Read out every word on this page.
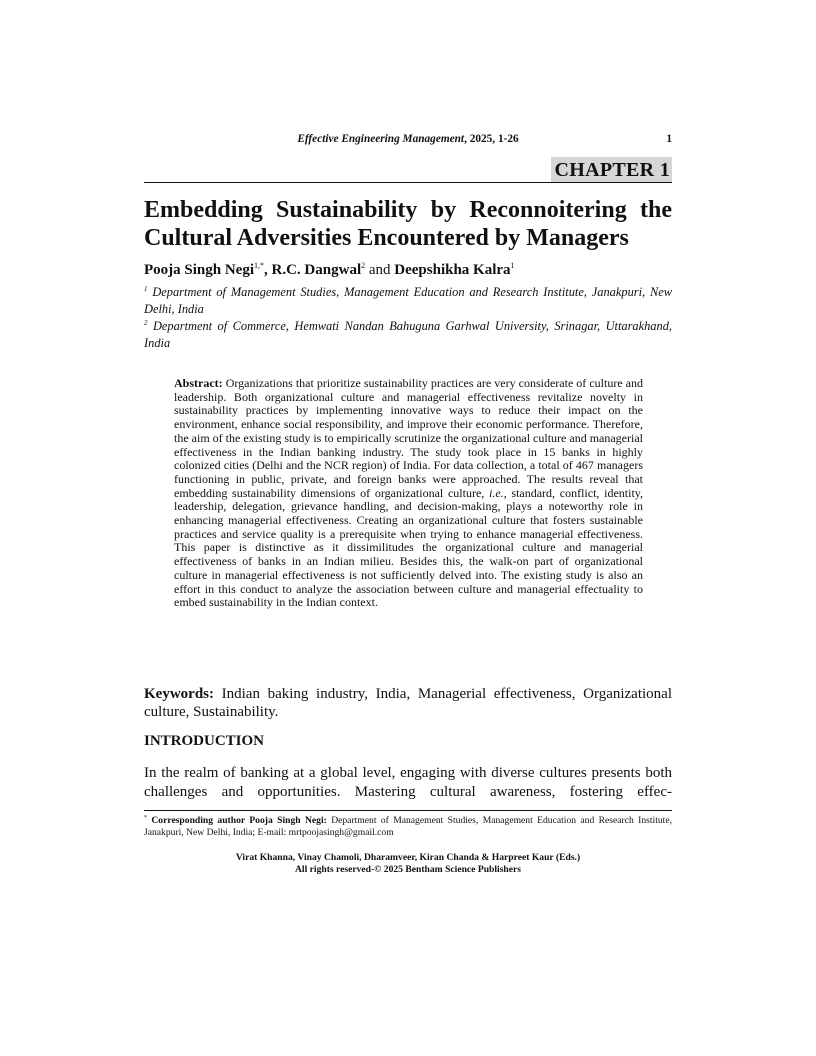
Effective Engineering Management, 2025, 1-26	1
CHAPTER 1
Embedding Sustainability by Reconnoitering the Cultural Adversities Encountered by Managers
Pooja Singh Negi$^{1,*}$, R.C. Dangwal$^2$ and Deepshikha Kalra$^1$
$^1$ Department of Management Studies, Management Education and Research Institute, Janakpuri, New Delhi, India
$^2$ Department of Commerce, Hemwati Nandan Bahuguna Garhwal University, Srinagar, Uttarakhand, India
Abstract: Organizations that prioritize sustainability practices are very considerate of culture and leadership. Both organizational culture and managerial effectiveness revitalize novelty in sustainability practices by implementing innovative ways to reduce their impact on the environment, enhance social responsibility, and improve their economic performance. Therefore, the aim of the existing study is to empirically scrutinize the organizational culture and managerial effectiveness in the Indian banking industry. The study took place in 15 banks in highly colonized cities (Delhi and the NCR region) of India. For data collection, a total of 467 managers functioning in public, private, and foreign banks were approached. The results reveal that embedding sustainability dimensions of organizational culture, i.e., standard, conflict, identity, leadership, delegation, grievance handling, and decision-making, plays a noteworthy role in enhancing managerial effectiveness. Creating an organizational culture that fosters sustainable practices and service quality is a prerequisite when trying to enhance managerial effectiveness. This paper is distinctive as it dissimilitudes the organizational culture and managerial effectiveness of banks in an Indian milieu. Besides this, the walk-on part of organizational culture in managerial effectiveness is not sufficiently delved into. The existing study is also an effort in this conduct to analyze the association between culture and managerial effectuality to embed sustainability in the Indian context.
Keywords: Indian baking industry, India, Managerial effectiveness, Organizational culture, Sustainability.
INTRODUCTION

In the realm of banking at a global level, engaging with diverse cultures presents both challenges and opportunities. Mastering cultural awareness, fostering effec-

* Corresponding author Pooja Singh Negi: Department of Management Studies, Management Education and Research Institute, Janakpuri, New Delhi, India; E-mail: mrtpoojasingh@gmail.com
Virat Khanna, Vinay Chamoli, Dharamveer, Kiran Chanda & Harpreet Kaur (Eds.)
All rights reserved-© 2025 Bentham Science Publishers
